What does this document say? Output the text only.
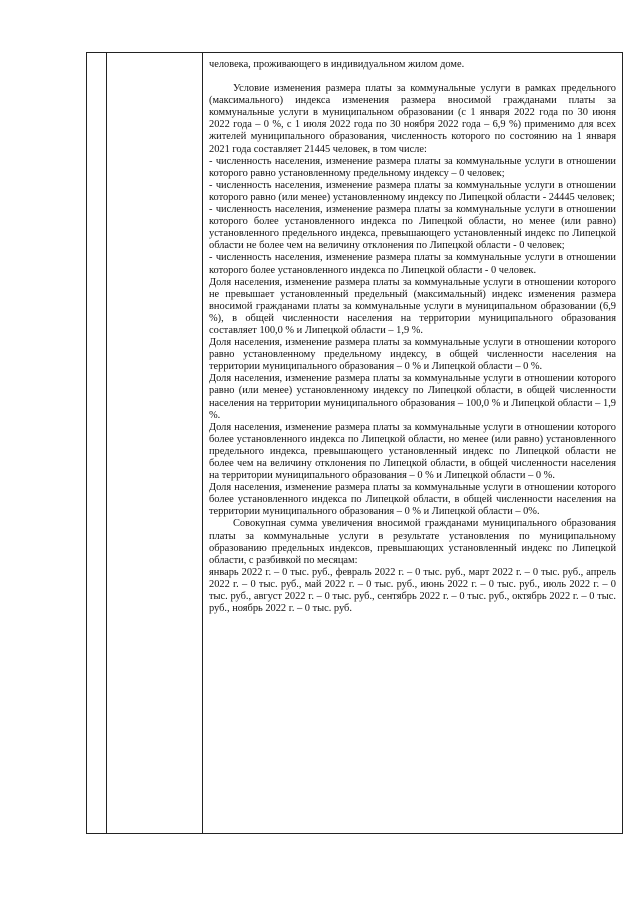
человека, проживающего в индивидуальном жилом доме.

Условие изменения размера платы за коммунальные услуги в рамках предельного (максимального) индекса изменения размера вносимой гражданами платы за коммунальные услуги в муниципальном образовании (с 1 января 2022 года по 30 июня 2022 года – 0 %, с 1 июля 2022 года по 30 ноября 2022 года – 6,9 %) применимо для всех жителей муниципального образования, численность которого по состоянию на 1 января 2021 года составляет 21445 человек, в том числе:

- численность населения, изменение размера платы за коммунальные услуги в отношении которого равно установленному предельному индексу – 0 человек;

- численность населения, изменение размера платы за коммунальные услуги в отношении которого равно (или менее) установленному индексу по Липецкой области - 24445 человек;

- численность населения, изменение размера платы за коммунальные услуги в отношении которого более установленного индекса по Липецкой области, но менее (или равно) установленного предельного индекса, превышающего установленный индекс по Липецкой области не более чем на величину отклонения по Липецкой области - 0 человек;

- численность населения, изменение размера платы за коммунальные услуги в отношении которого более установленного индекса по Липецкой области - 0 человек.

Доля населения, изменение размера платы за коммунальные услуги в отношении которого не превышает установленный предельный (максимальный) индекс изменения размера вносимой гражданами платы за коммунальные услуги в муниципальном образовании (6,9 %), в общей численности населения на территории муниципального образования составляет 100,0 % и Липецкой области – 1,9 %.

Доля населения, изменение размера платы за коммунальные услуги в отношении которого равно установленному предельному индексу, в общей численности населения на территории муниципального образования – 0 % и Липецкой области – 0 %.

Доля населения, изменение размера платы за коммунальные услуги в отношении которого равно (или менее) установленному индексу по Липецкой области, в общей численности населения на территории муниципального образования – 100,0 % и Липецкой области – 1,9 %.

Доля населения, изменение размера платы за коммунальные услуги в отношении которого более установленного индекса по Липецкой области, но менее (или равно) установленного предельного индекса, превышающего установленный индекс по Липецкой области не более чем на величину отклонения по Липецкой области, в общей численности населения на территории муниципального образования – 0 % и Липецкой области – 0 %.

Доля населения, изменение размера платы за коммунальные услуги в отношении которого более установленного индекса по Липецкой области, в общей численности населения на территории муниципального образования – 0 % и Липецкой области – 0%.

Совокупная сумма увеличения вносимой гражданами муниципального образования платы за коммунальные услуги в результате установления по муниципальному образованию предельных индексов, превышающих установленный индекс по Липецкой области, с разбивкой по месяцам:

январь 2022 г. – 0 тыс. руб., февраль 2022 г. – 0 тыс. руб., март 2022 г. – 0 тыс. руб., апрель 2022 г. – 0 тыс. руб., май 2022 г. – 0 тыс. руб., июнь 2022 г. – 0 тыс. руб., июль 2022 г. – 0 тыс. руб., август 2022 г. – 0 тыс. руб., сентябрь 2022 г. – 0 тыс. руб., октябрь 2022 г. – 0 тыс. руб., ноябрь 2022 г. – 0 тыс. руб.
